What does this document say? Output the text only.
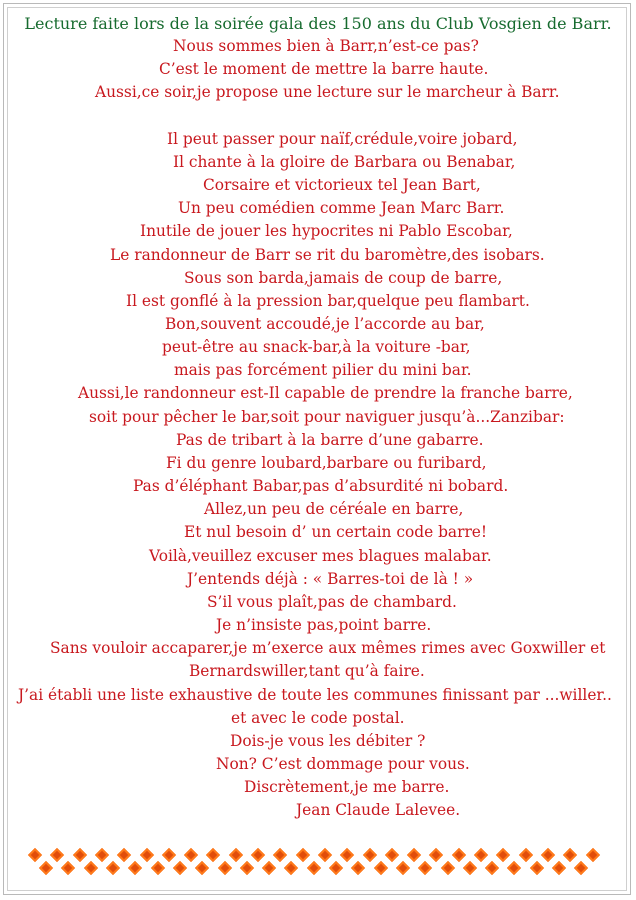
Lecture faite lors de la soirée gala des 150 ans du Club Vosgien de Barr.
Nous sommes bien à Barr,n’est-ce pas?
C’est le moment de mettre la barre haute.
Aussi,ce soir,je propose une lecture sur le marcheur à Barr.
Il peut passer pour naïf,crédule,voire jobard,
Il chante à la gloire de Barbara ou Benabar,
Corsaire et victorieux tel Jean Bart,
Un peu comédien comme Jean Marc Barr.
Inutile de jouer les hypocrites ni Pablo Escobar,
Le randonneur de Barr se rit du baromètre,des isobars.
Sous son barda,jamais de coup de barre,
Il est gonflé à la pression bar,quelque peu flambart.
Bon,souvent accoudé,je l’accorde au bar,
peut-être au snack-bar,à la voiture -bar,
mais pas forcément pilier du mini bar.
Aussi,le randonneur est-Il capable de prendre la franche barre,
soit pour pêcher le bar,soit pour naviguer jusqu’à...Zanzibar:
Pas de tribart à la barre d’une gabarre.
Fi du genre loubard,barbare ou furibard,
Pas d’éléphant Babar,pas d’absurdité ni bobard.
Allez,un peu de céréale en barre,
Et nul besoin d’ un certain code barre!
Voilà,veuillez excuser mes blagues malabar.
J’entends déjà : « Barres-toi de là ! »
S’il vous plaît,pas de chambard.
Je n’insiste pas,point barre.
Sans vouloir accaparer,je m’exerce aux mêmes rimes avec Goxwiller et
Bernardswiller,tant qu’à faire.
J’ai établi une liste exhaustive de toute les communes finissant par ...willer..
et avec le code postal.
Dois-je vous les débiter ?
Non? C’est dommage pour vous.
Discrètement,je me barre.
Jean Claude Lalevee.
